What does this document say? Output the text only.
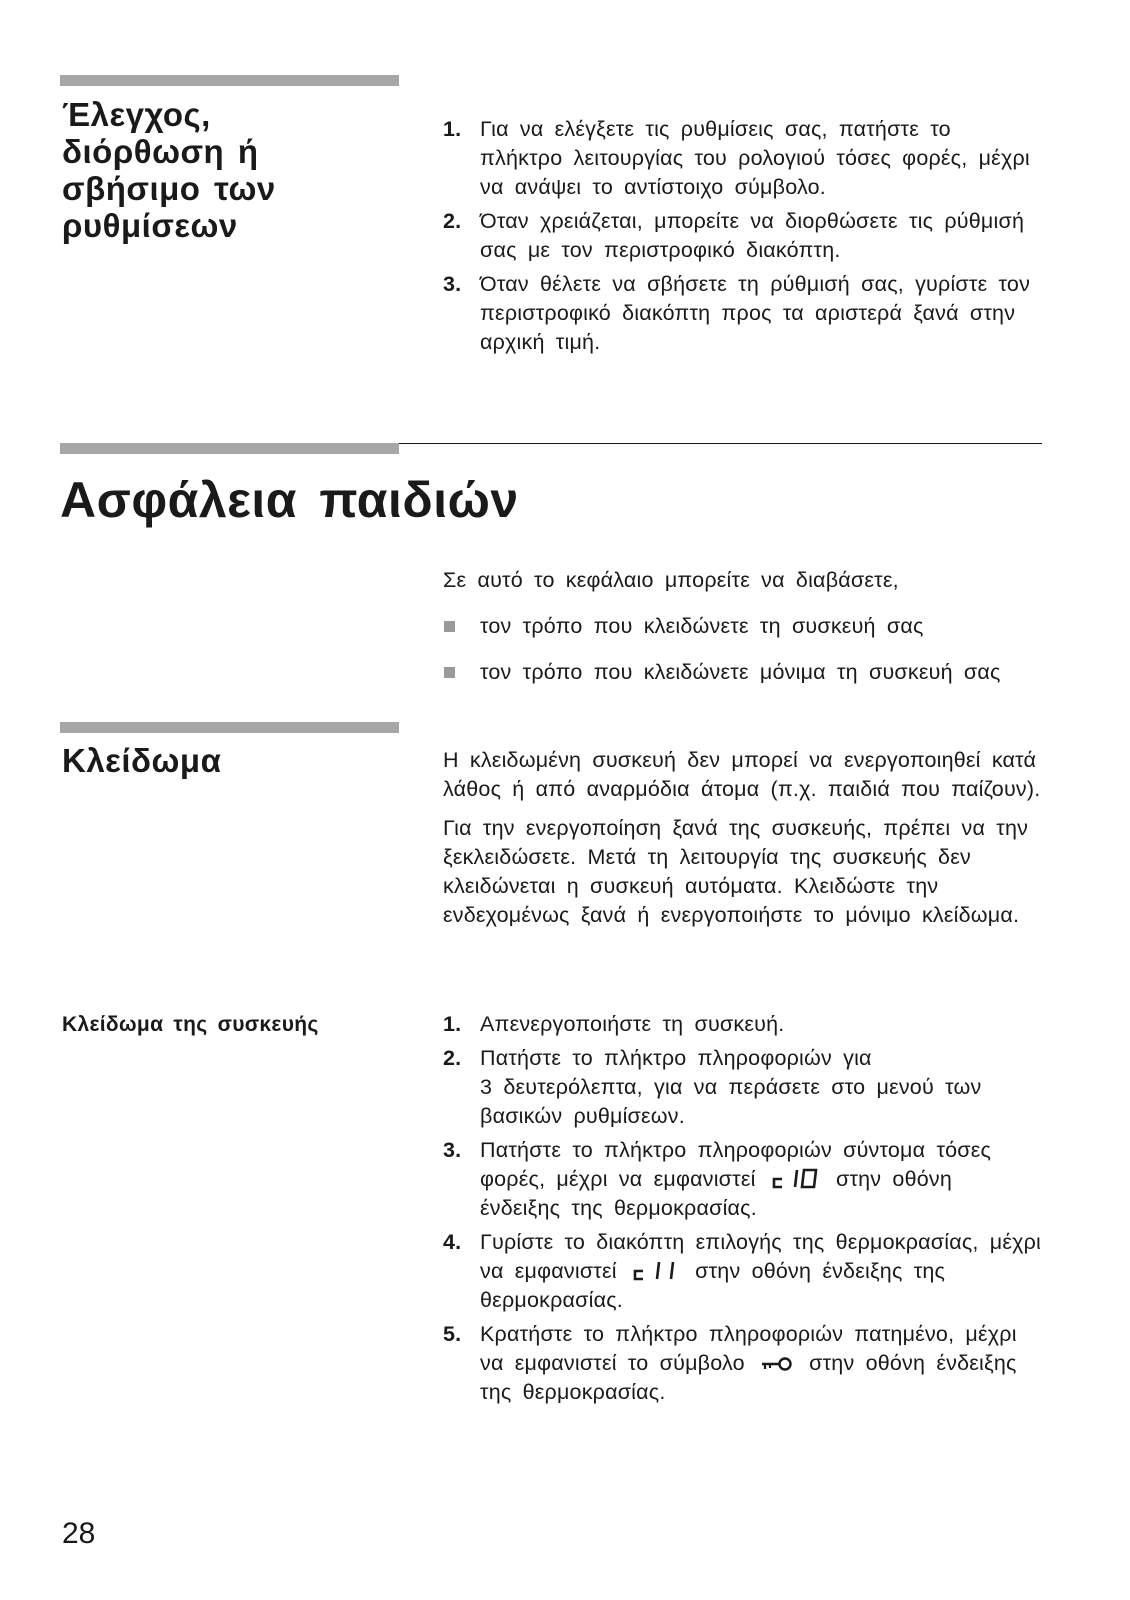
Έλεγχος, διόρθωση ή σβήσιμο των ρυθμίσεων
1. Για να ελέγξετε τις ρυθμίσεις σας, πατήστε το πλήκτρο λειτουργίας του ρολογιού τόσες φορές, μέχρι να ανάψει το αντίστοιχο σύμβολο.
2. Όταν χρειάζεται, μπορείτε να διορθώσετε τις ρύθμισή σας με τον περιστροφικό διακόπτη.
3. Όταν θέλετε να σβήσετε τη ρύθμισή σας, γυρίστε τον περιστροφικό διακόπτη προς τα αριστερά ξανά στην αρχική τιμή.
Ασφάλεια παιδιών

Σε αυτό το κεφάλαιο μπορείτε να διαβάσετε,

τον τρόπο που κλειδώνετε τη συσκευή σας
τον τρόπο που κλειδώνετε μόνιμα τη συσκευή σας
Κλείδωμα	Η κλειδωμένη συσκευή δεν μπορεί να ενεργοποιηθεί κατά λάθος ή από αναρμόδια άτομα (π.χ. παιδιά που παίζουν).

Για την ενεργοποίηση ξανά της συσκευής, πρέπει να την ξεκλειδώσετε. Μετά τη λειτουργία της συσκευής δεν κλειδώνεται η συσκευή αυτόματα. Κλειδώστε την ενδεχομένως ξανά ή ενεργοποιήστε το μόνιμο κλείδωμα.

Κλείδωμα της συσκευής	1. Απενεργοποιήστε τη συσκευή.
2. Πατήστε το πλήκτρο πληροφοριών για
3 δευτερόλεπτα, για να περάσετε στο μενού των βασικών ρυθμίσεων.
3. Πατήστε το πλήκτρο πληροφοριών σύντομα τόσες φορές, μέχρι να εμφανιστεί	στην οθόνη ένδειξης της θερμοκρασίας.
4. Γυρίστε το διακόπτη επιλογής της θερμοκρασίας, μέχρι να εμφανιστεί	στην οθόνη ένδειξης της θερμοκρασίας.
5. Κρατήστε το πλήκτρο πληροφοριών πατημένο, μέχρι να εμφανιστεί το σύμβολο	στην οθόνη ένδειξης της θερμοκρασίας.
28
